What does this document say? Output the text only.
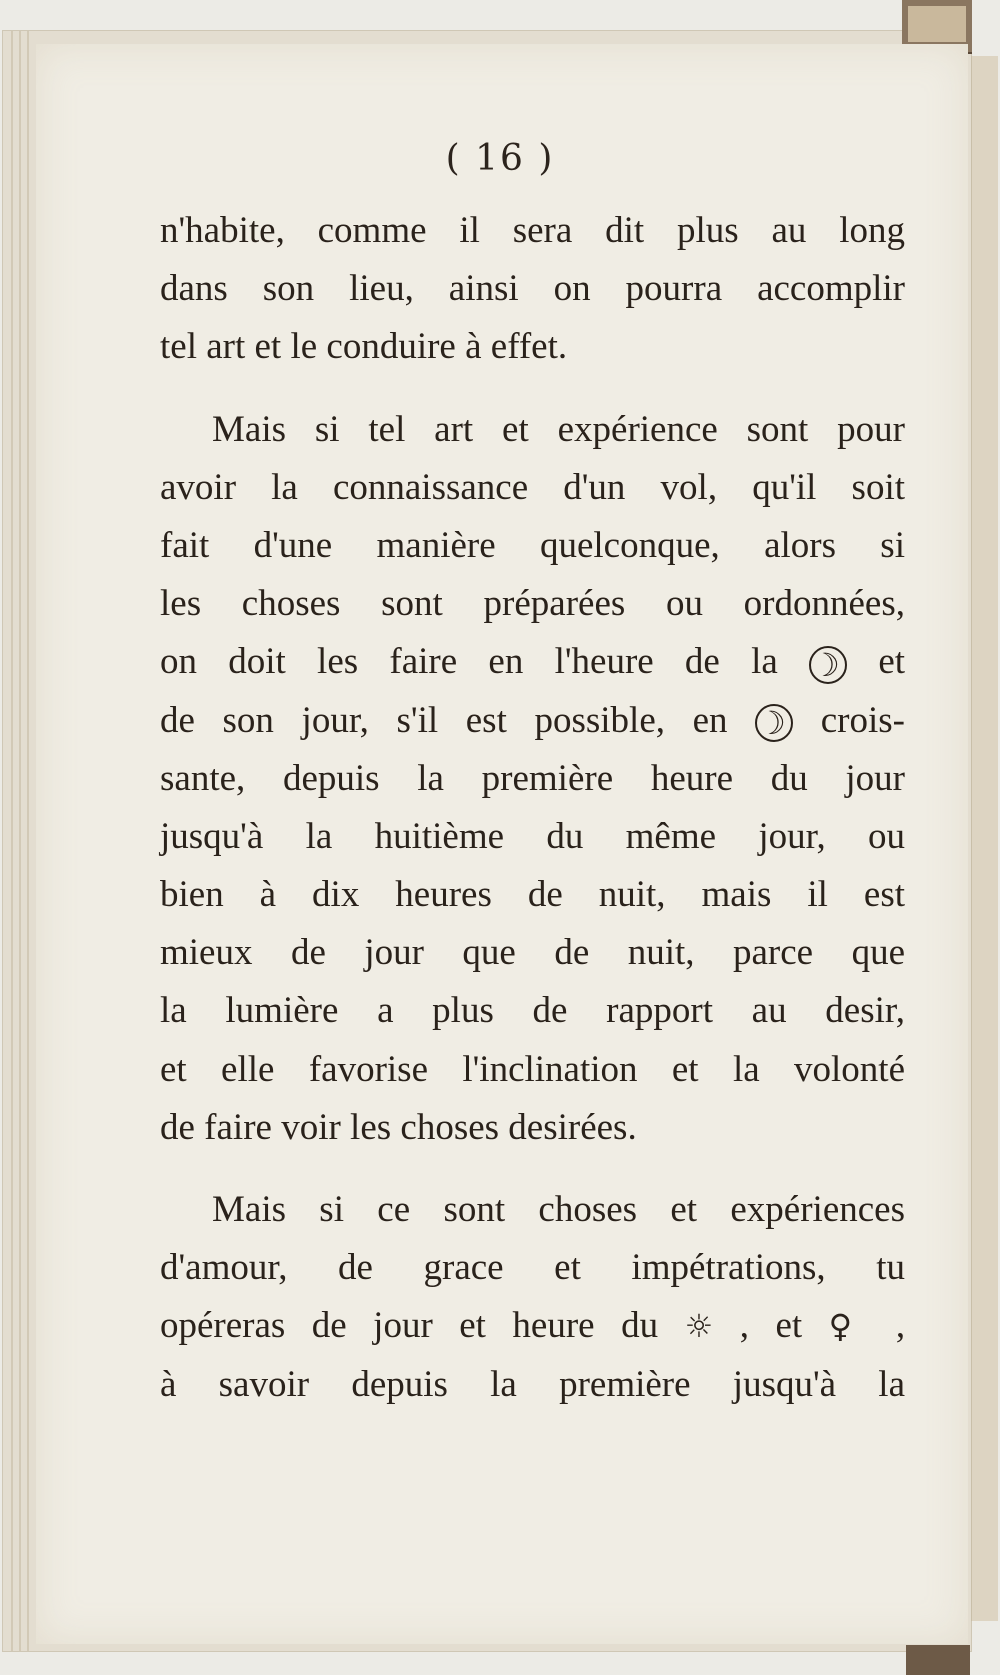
( 16 )
n'habite, comme il sera dit plus au long
dans son lieu, ainsi on pourra accomplir
tel art et le conduire à effet.
Mais si tel art et expérience sont pour
avoir la connaissance d'un vol, qu'il soit
fait d'une manière quelconque, alors si
les choses sont préparées ou ordonnées,
on doit les faire en l'heure de la ☽ et
de son jour, s'il est possible, en ☽ crois-
sante, depuis la première heure du jour
jusqu'à la huitième du même jour, ou
bien à dix heures de nuit, mais il est
mieux de jour que de nuit, parce que
la lumière a plus de rapport au desir,
et elle favorise l'inclination et la volonté
de faire voir les choses desirées.
Mais si ce sont choses et expériences
d'amour, de grace et impétrations, tu
opéreras de jour et heure du ☼ , et ♀ ,
à savoir depuis la première jusqu'à la
